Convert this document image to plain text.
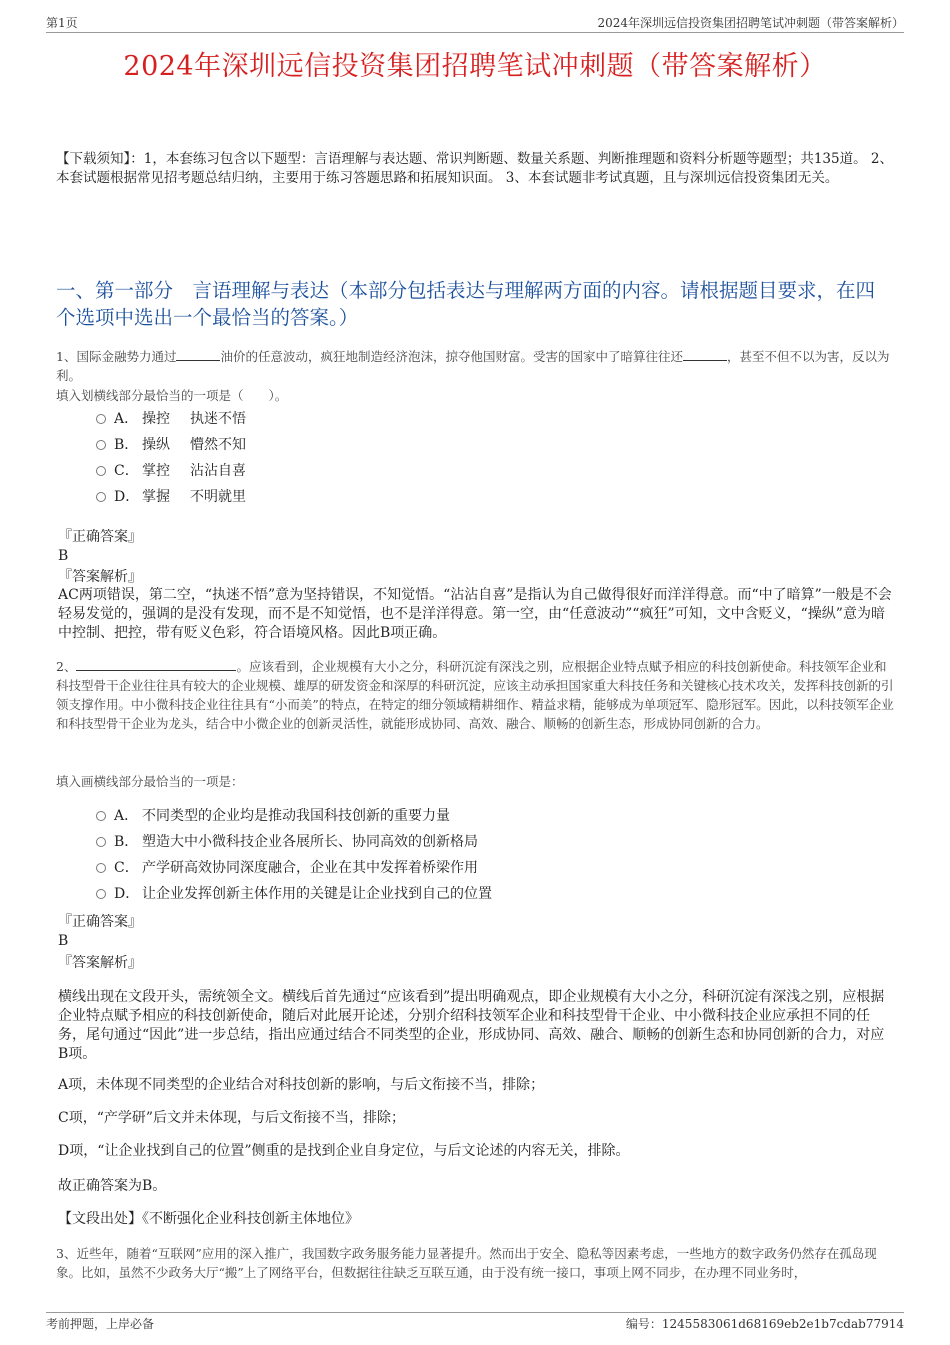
第1页	2024年深圳远信投资集团招聘笔试冲刺题（带答案解析）
2024年深圳远信投资集团招聘笔试冲刺题（带答案解析）
【下载须知】：1，本套练习包含以下题型：言语理解与表达题、常识判断题、数量关系题、判断推理题和资料分析题等题型；共135道。 2、本套试题根据常见招考题总结归纳，主要用于练习答题思路和拓展知识面。 3、本套试题非考试真题，且与深圳远信投资集团无关。
一、第一部分　言语理解与表达（本部分包括表达与理解两方面的内容。请根据题目要求，在四个选项中选出一个最恰当的答案。）
1、国际金融势力通过	油价的任意波动，疯狂地制造经济泡沫，掠夺他国财富。受害的国家中了暗算往往还	，甚至不但不以为害，反以为利。
填入划横线部分最恰当的一项是（　　）。
A． 操控 执迷不悟
B． 操纵 懵然不知
C． 掌控 沾沾自喜
D． 掌握 不明就里
『正确答案』
B
『答案解析』
AC两项错误，第二空，“执迷不悟”意为坚持错误，不知觉悟。“沾沾自喜”是指认为自己做得很好而洋洋得意。而“中了暗算”一般是不会轻易发觉的，强调的是没有发现，而不是不知觉悟，也不是洋洋得意。第一空，由“任意波动”“疯狂”可知，文中含贬义，“操纵”意为暗中控制、把控，带有贬义色彩，符合语境风格。因此B项正确。
2、	。应该看到，企业规模有大小之分，科研沉淀有深浅之别，应根据企业特点赋予相应的科技创新使命。科技领军企业和科技型骨干企业往往具有较大的企业规模、雄厚的研发资金和深厚的科研沉淀，应该主动承担国家重大科技任务和关键核心技术攻关，发挥科技创新的引领支撑作用。中小微科技企业往往具有“小而美”的特点，在特定的细分领域精耕细作、精益求精，能够成为单项冠军、隐形冠军。因此，以科技领军企业和科技型骨干企业为龙头，结合中小微企业的创新灵活性，就能形成协同、高效、融合、顺畅的创新生态，形成协同创新的合力。
填入画横线部分最恰当的一项是：
A． 不同类型的企业均是推动我国科技创新的重要力量
B． 塑造大中小微科技企业各展所长、协同高效的创新格局
C． 产学研高效协同深度融合，企业在其中发挥着桥梁作用
D． 让企业发挥创新主体作用的关键是让企业找到自己的位置
『正确答案』
B
『答案解析』
横线出现在文段开头，需统领全文。横线后首先通过“应该看到”提出明确观点，即企业规模有大小之分，科研沉淀有深浅之别，应根据企业特点赋予相应的科技创新使命，随后对此展开论述，分别介绍科技领军企业和科技型骨干企业、中小微科技企业应承担不同的任务，尾句通过“因此”进一步总结，指出应通过结合不同类型的企业，形成协同、高效、融合、顺畅的创新生态和协同创新的合力，对应B项。
A项，未体现不同类型的企业结合对科技创新的影响，与后文衔接不当，排除；
C项，“产学研”后文并未体现，与后文衔接不当，排除；
D项，“让企业找到自己的位置”侧重的是找到企业自身定位，与后文论述的内容无关，排除。
故正确答案为B。
【文段出处】《不断强化企业科技创新主体地位》
3、近些年，随着“互联网”应用的深入推广，我国数字政务服务能力显著提升。然而出于安全、隐私等因素考虑，一些地方的数字政务仍然存在孤岛现象。比如，虽然不少政务大厅“搬”上了网络平台，但数据往往缺乏互联互通，由于没有统一接口，事项上网不同步，在办理不同业务时，
考前押题，上岸必备	编号：1245583061d68169eb2e1b7cdab77914
